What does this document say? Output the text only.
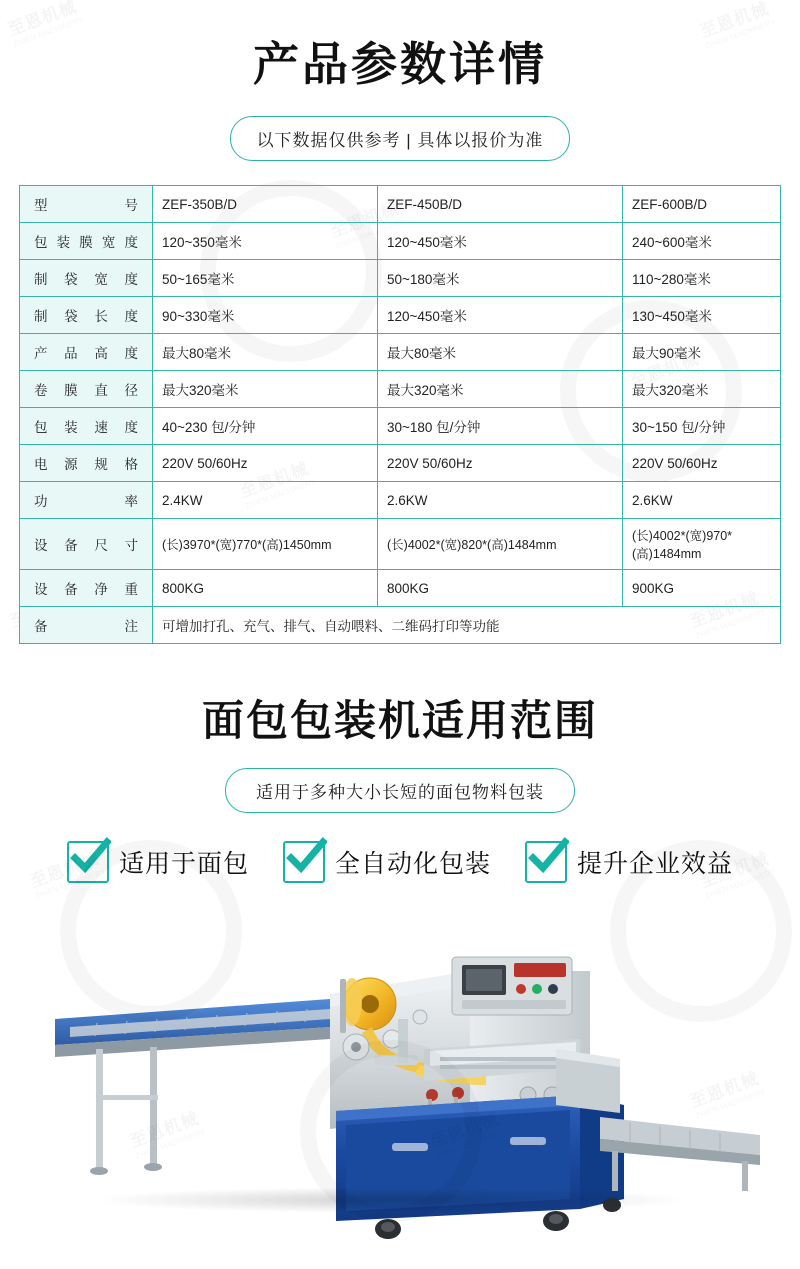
产品参数详情
以下数据仅供参考 | 具体以报价为准
型 号	ZEF-350B/D	ZEF-450B/D	ZEF-600B/D
包装膜宽度	120~350毫米	120~450毫米	240~600毫米
制袋宽度	50~165毫米	50~180毫米	110~280毫米
制袋长度	90~330毫米	120~450毫米	130~450毫米
产品高度	最大80毫米	最大80毫米	最大90毫米
卷膜直径	最大320毫米	最大320毫米	最大320毫米
包装速度	40~230 包/分钟	30~180 包/分钟	30~150 包/分钟
电源规格	220V 50/60Hz	220V 50/60Hz	220V 50/60Hz
功 率	2.4KW	2.6KW	2.6KW
设备尺寸	(长)3970*(宽)770*(高)1450mm	(长)4002*(宽)820*(高)1484mm	(长)4002*(宽)970*(高)1484mm
设备净重	800KG	800KG	900KG
备 注	可增加打孔、充气、排气、自动喂料、二维码打印等功能		
面包包装机适用范围
适用于多种大小长短的面包物料包装
适用于面包	全自动化包装	提升企业效益
